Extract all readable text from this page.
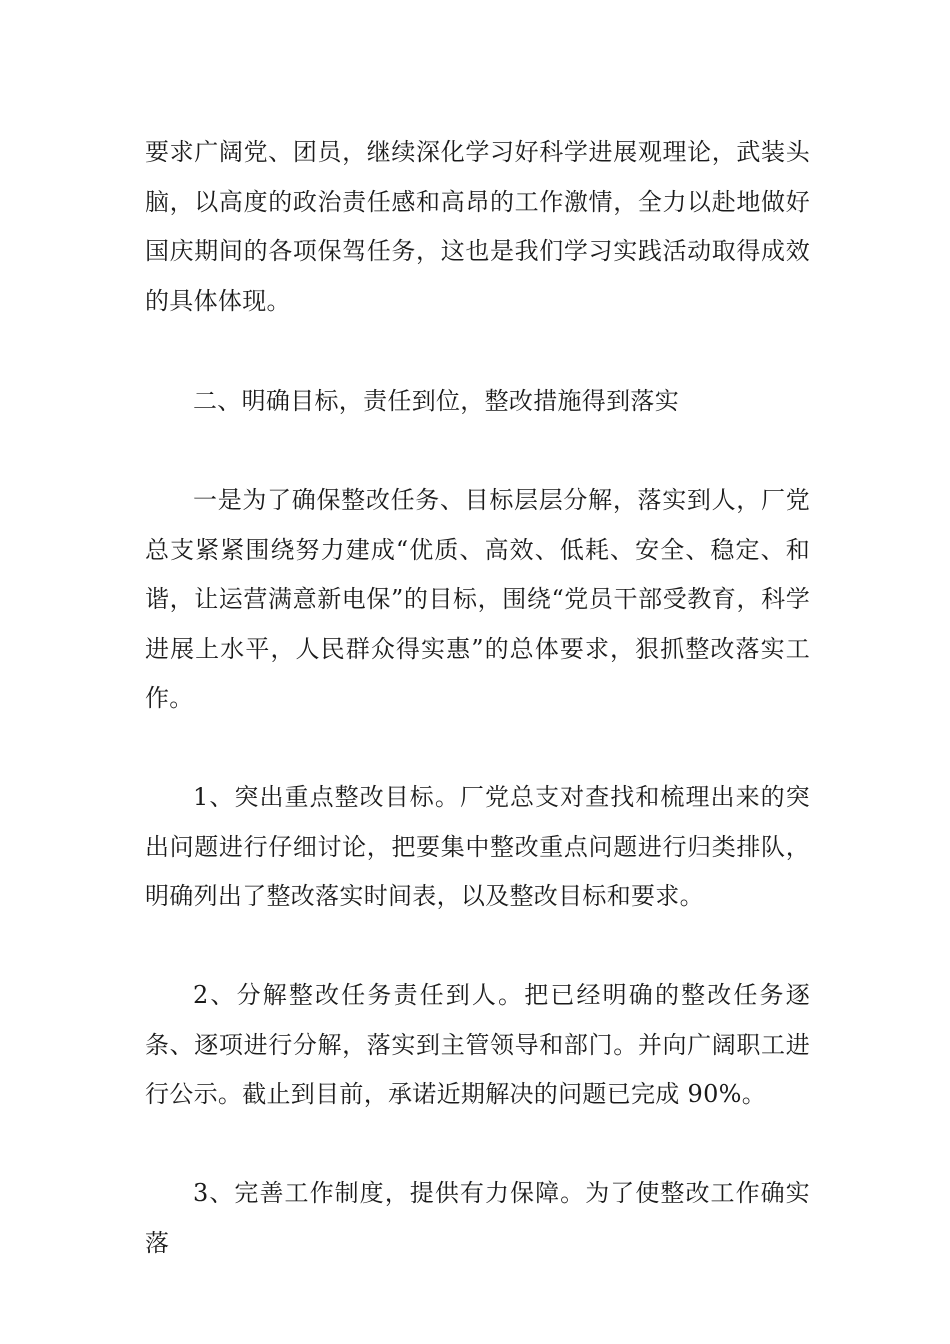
要求广阔党、团员，继续深化学习好科学进展观理论，武装头脑，以高度的政治责任感和高昂的工作激情，全力以赴地做好国庆期间的各项保驾任务，这也是我们学习实践活动取得成效的具体体现。

二、明确目标，责任到位，整改措施得到落实

一是为了确保整改任务、目标层层分解，落实到人，厂党总支紧紧围绕努力建成“优质、高效、低耗、安全、稳定、和谐，让运营满意新电保”的目标，围绕“党员干部受教育，科学进展上水平，人民群众得实惠”的总体要求，狠抓整改落实工作。

1、突出重点整改目标。厂党总支对查找和梳理出来的突出问题进行仔细讨论，把要集中整改重点问题进行归类排队，明确列出了整改落实时间表，以及整改目标和要求。

2、分解整改任务责任到人。把已经明确的整改任务逐条、逐项进行分解，落实到主管领导和部门。并向广阔职工进行公示。截止到目前，承诺近期解决的问题已完成 90%。

3、完善工作制度，提供有力保障。为了使整改工作确实落
